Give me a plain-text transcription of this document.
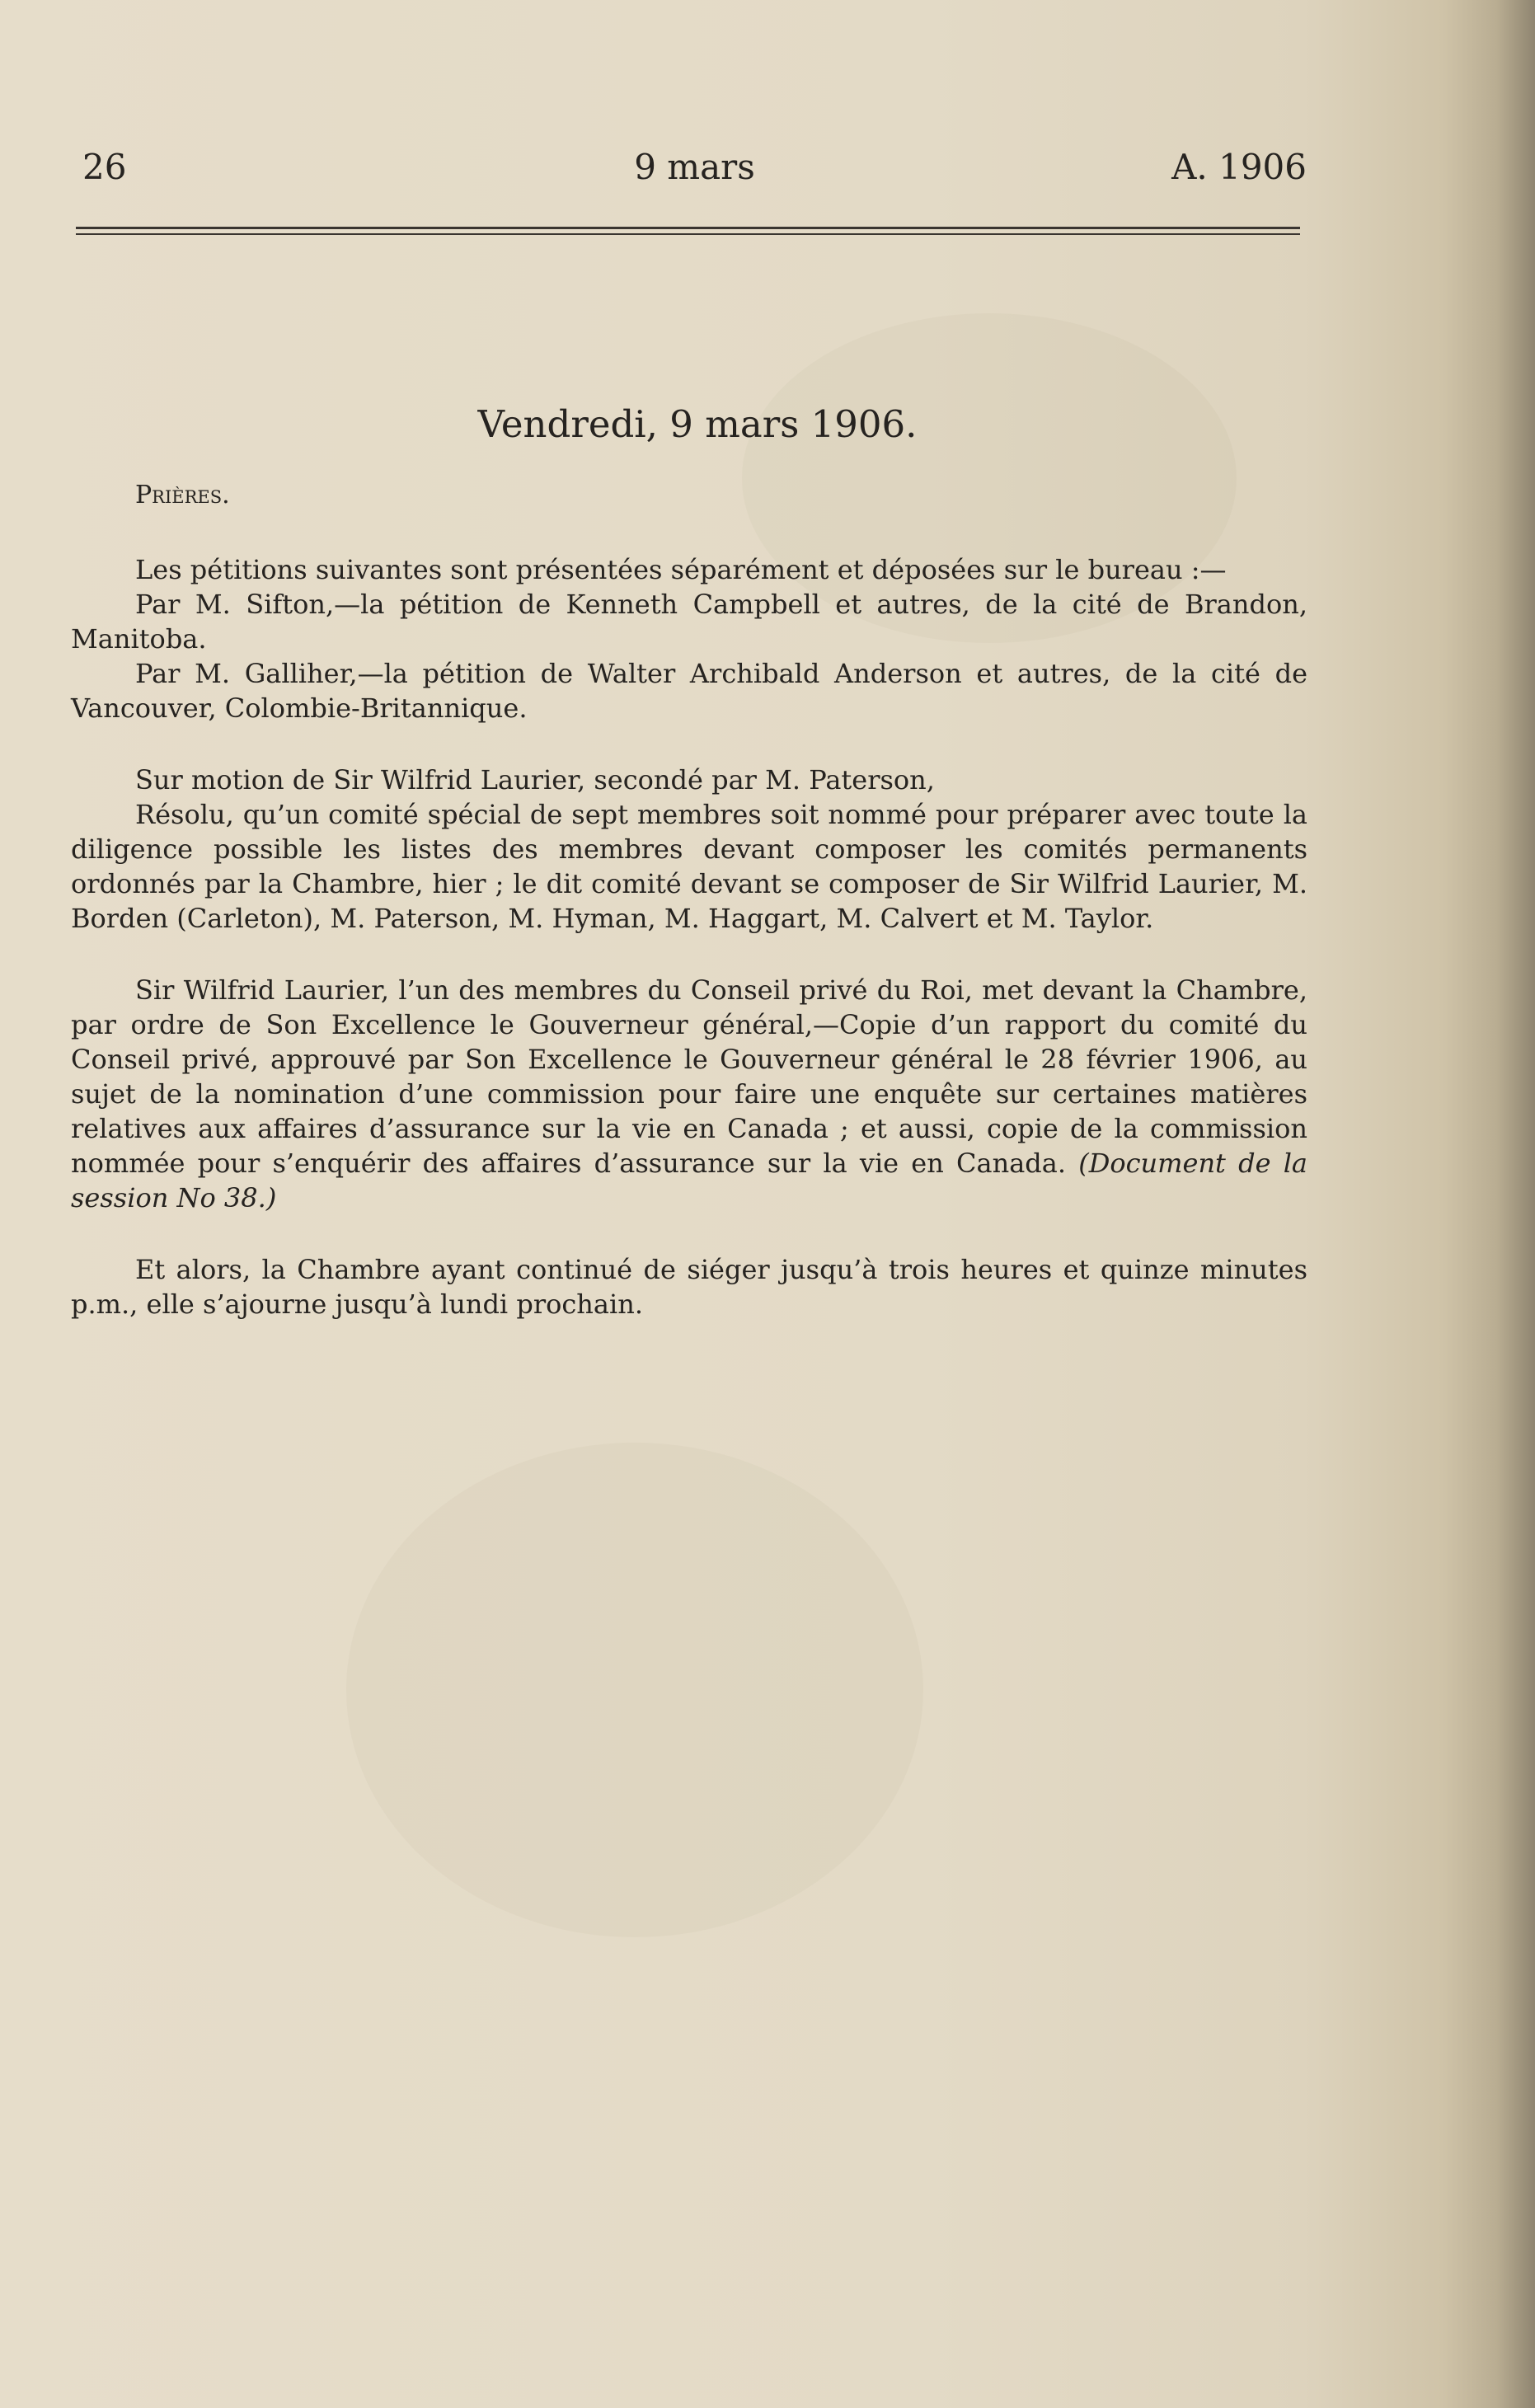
26	9 mars	A. 1906
Vendredi, 9 mars 1906.
Prières.

Les pétitions suivantes sont présentées séparément et déposées sur le bureau :—

Par M. Sifton,—la pétition de Kenneth Campbell et autres, de la cité de Brandon, Manitoba.

Par M. Galliher,—la pétition de Walter Archibald Anderson et autres, de la cité de Vancouver, Colombie-Britannique.

Sur motion de Sir Wilfrid Laurier, secondé par M. Paterson,

Résolu, qu’un comité spécial de sept membres soit nommé pour préparer avec toute la diligence possible les listes des membres devant composer les comités permanents ordonnés par la Chambre, hier ; le dit comité devant se composer de Sir Wilfrid Laurier, M. Borden (Carleton), M. Paterson, M. Hyman, M. Haggart, M. Calvert et M. Taylor.

Sir Wilfrid Laurier, l’un des membres du Conseil privé du Roi, met devant la Chambre, par ordre de Son Excellence le Gouverneur général,—Copie d’un rapport du comité du Conseil privé, approuvé par Son Excellence le Gouverneur général le 28 février 1906, au sujet de la nomination d’une commission pour faire une enquête sur certaines matières relatives aux affaires d’assurance sur la vie en Canada ; et aussi, copie de la commission nommée pour s’enquérir des affaires d’assurance sur la vie en Canada. (Document de la session No 38.)

Et alors, la Chambre ayant continué de siéger jusqu’à trois heures et quinze minutes p.m., elle s’ajourne jusqu’à lundi prochain.
